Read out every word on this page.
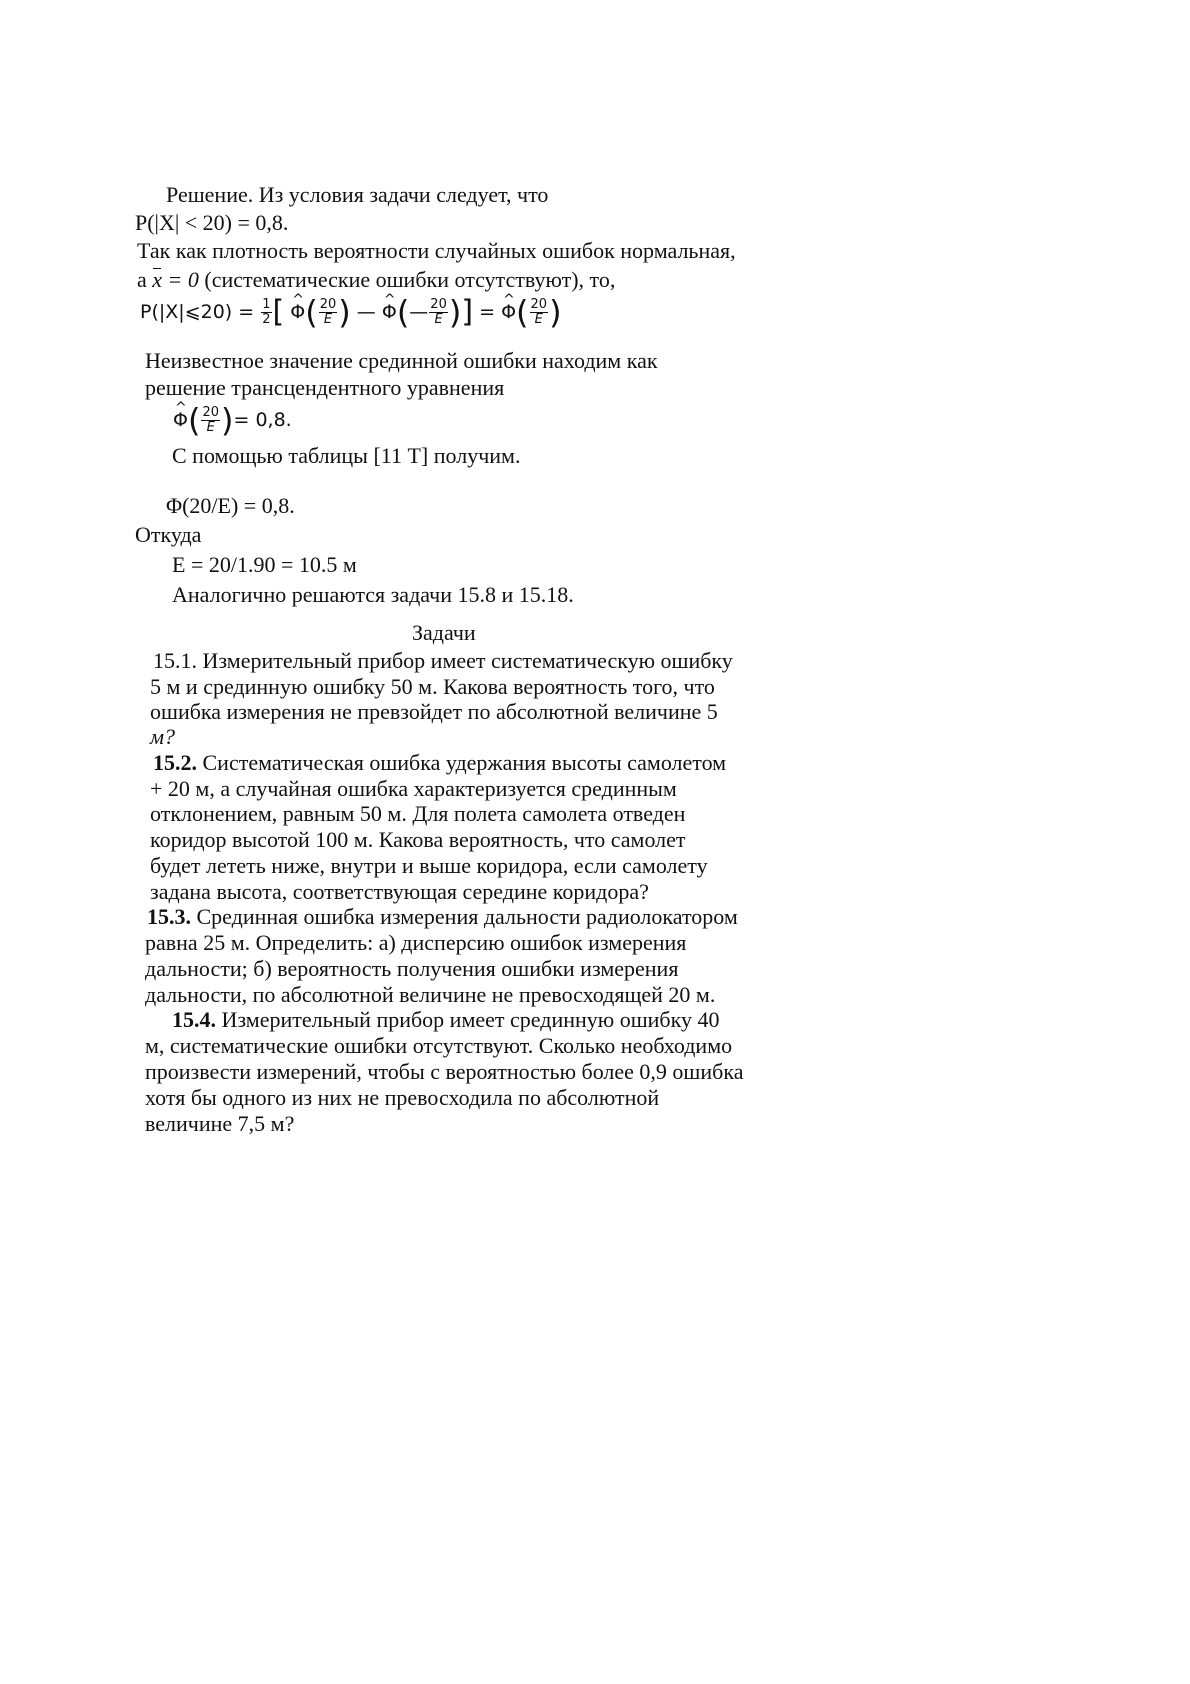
Решение. Из условия задачи следует, что
P(|X| < 20) = 0,8.
Так как плотность вероятности случайных ошибок нормальная,
а x = 0 (систематические ошибки отсутствуют), то,
P(|X|⩽20) = $\frac{1}{2}$ [ ^ $\Phi( \frac{20}{E}$ ) — ^ Φ(— $\frac{20}{E}$ )] = ^ $\Phi( \frac{20}{E}$ )
Неизвестное значение срединной ошибки находим как
решение трансцендентного уравнения
^ $\Phi( \frac{20}{E}$ )= 0,8.
С помощью таблицы [11 Т] получим.
Φ(20/E) = 0,8.
Откуда
E = 20/1.90 = 10.5 м
Аналогично решаются задачи 15.8 и 15.18.
Задачи
15.1. Измерительный прибор имеет систематическую ошибку
5 м и срединную ошибку 50 м. Какова вероятность того, что
ошибка измерения не превзойдет по абсолютной величине 5
м?
15.2. Систематическая ошибка удержания высоты самолетом
+ 20 м, а случайная ошибка характеризуется срединным
отклонением, равным 50 м. Для полета самолета отведен
коридор высотой 100 м. Какова вероятность, что самолет
будет лететь ниже, внутри и выше коридора, если самолету
задана высота, соответствующая середине коридора?
15.3. Срединная ошибка измерения дальности радиолокатором
равна 25 м. Определить: а) дисперсию ошибок измерения
дальности; б) вероятность получения ошибки измерения
дальности, по абсолютной величине не превосходящей 20 м.
15.4. Измерительный прибор имеет срединную ошибку 40
м, систематические ошибки отсутствуют. Сколько необходимо
произвести измерений, чтобы с вероятностью более 0,9 ошибка
хотя бы одного из них не превосходила по абсолютной
величине 7,5 м?
